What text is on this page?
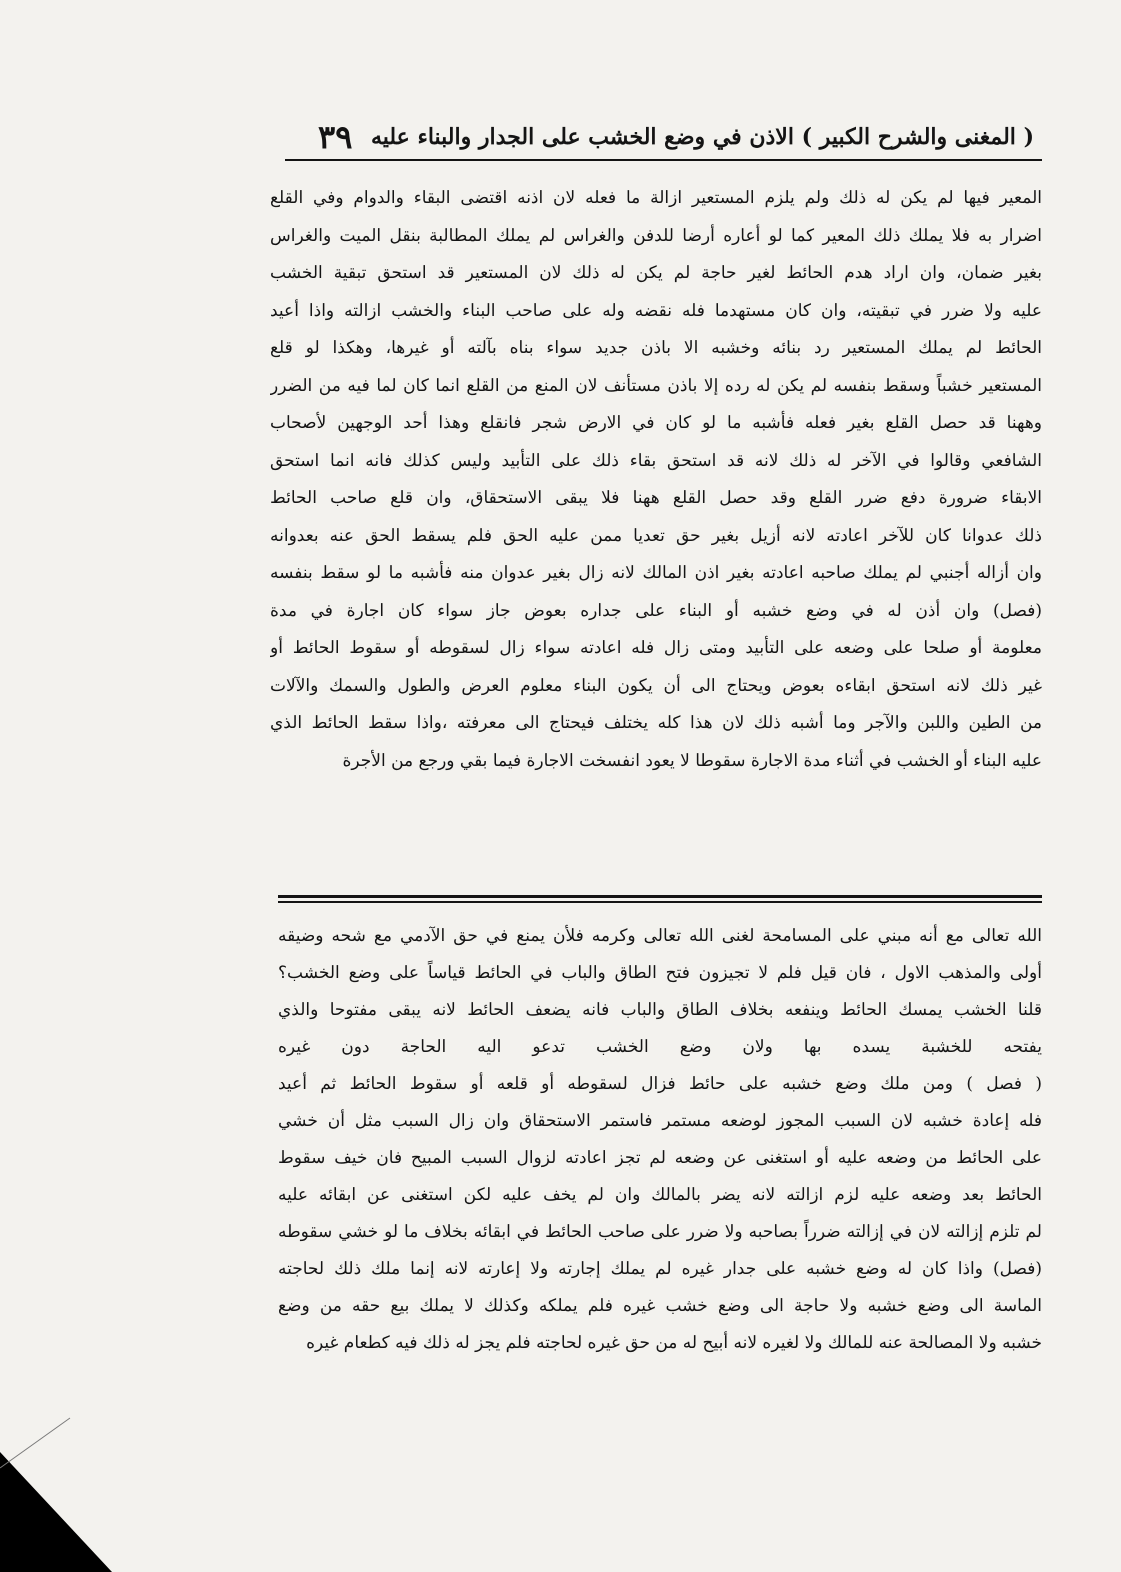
( المغنى والشرح الكبير ) الاذن في وضع الخشب على الجدار والبناء عليه
٣٩
المعير فيها لم يكن له ذلك ولم يلزم المستعير ازالة ما فعله لان اذنه اقتضى البقاء والدوام وفي القلع
اضرار به فلا يملك ذلك المعير كما لو أعاره أرضا للدفن والغراس لم يملك المطالبة بنقل الميت والغراس
بغير ضمان، وان اراد هدم الحائط لغير حاجة لم يكن له ذلك لان المستعير قد استحق تبقية الخشب
عليه ولا ضرر في تبقيته، وان كان مستهدما فله نقضه وله على صاحب البناء والخشب ازالته واذا أعيد
الحائط لم يملك المستعير رد بنائه وخشبه الا باذن جديد سواء بناه بآلته أو غيرها، وهكذا لو قلع
المستعير خشباً وسقط بنفسه لم يكن له رده إلا باذن مستأنف لان المنع من القلع انما كان لما فيه من الضرر
وههنا قد حصل القلع بغير فعله فأشبه ما لو كان في الارض شجر فانقلع وهذا أحد الوجهين لأصحاب
الشافعي وقالوا في الآخر له ذلك لانه قد استحق بقاء ذلك على التأبيد وليس كذلك فانه انما استحق
الابقاء ضرورة دفع ضرر القلع وقد حصل القلع ههنا فلا يبقى الاستحقاق، وان قلع صاحب الحائط
ذلك عدوانا كان للآخر اعادته لانه أزيل بغير حق تعديا ممن عليه الحق فلم يسقط الحق عنه بعدوانه
وان أزاله أجنبي لم يملك صاحبه اعادته بغير اذن المالك لانه زال بغير عدوان منه فأشبه ما لو سقط بنفسه
(فصل) وان أذن له في وضع خشبه أو البناء على جداره بعوض جاز سواء كان اجارة في مدة
معلومة أو صلحا على وضعه على التأبيد ومتى زال فله اعادته سواء زال لسقوطه أو سقوط الحائط أو
غير ذلك لانه استحق ابقاءه بعوض ويحتاج الى أن يكون البناء معلوم العرض والطول والسمك والآلات
من الطين واللبن والآجر وما أشبه ذلك لان هذا كله يختلف فيحتاج الى معرفته ،واذا سقط الحائط الذي
عليه البناء أو الخشب في أثناء مدة الاجارة سقوطا لا يعود انفسخت الاجارة فيما بقي ورجع من الأجرة
الله تعالى مع أنه مبني على المسامحة لغنى الله تعالى وكرمه فلأن يمنع في حق الآدمي مع شحه وضيقه
أولى والمذهب الاول ، فان قيل فلم لا تجيزون فتح الطاق والباب في الحائط قياساً على وضع الخشب؟
قلنا الخشب يمسك الحائط وينفعه بخلاف الطاق والباب فانه يضعف الحائط لانه يبقى مفتوحا والذي
يفتحه للخشبة يسده بها ولان وضع الخشب تدعو اليه الحاجة دون غيره
( فصل ) ومن ملك وضع خشبه على حائط فزال لسقوطه أو قلعه أو سقوط الحائط ثم أعيد
فله إعادة خشبه لان السبب المجوز لوضعه مستمر فاستمر الاستحقاق وان زال السبب مثل أن خشي
على الحائط من وضعه عليه أو استغنى عن وضعه لم تجز اعادته لزوال السبب المبيح فان خيف سقوط
الحائط بعد وضعه عليه لزم ازالته لانه يضر بالمالك وان لم يخف عليه لكن استغنى عن ابقائه عليه
لم تلزم إزالته لان في إزالته ضرراً بصاحبه ولا ضرر على صاحب الحائط في ابقائه بخلاف ما لو خشي سقوطه
(فصل) واذا كان له وضع خشبه على جدار غيره لم يملك إجارته ولا إعارته لانه إنما ملك ذلك لحاجته
الماسة الى وضع خشبه ولا حاجة الى وضع خشب غيره فلم يملكه وكذلك لا يملك بيع حقه من وضع
خشبه ولا المصالحة عنه للمالك ولا لغيره لانه أبيح له من حق غيره لحاجته فلم يجز له ذلك فيه كطعام غيره
